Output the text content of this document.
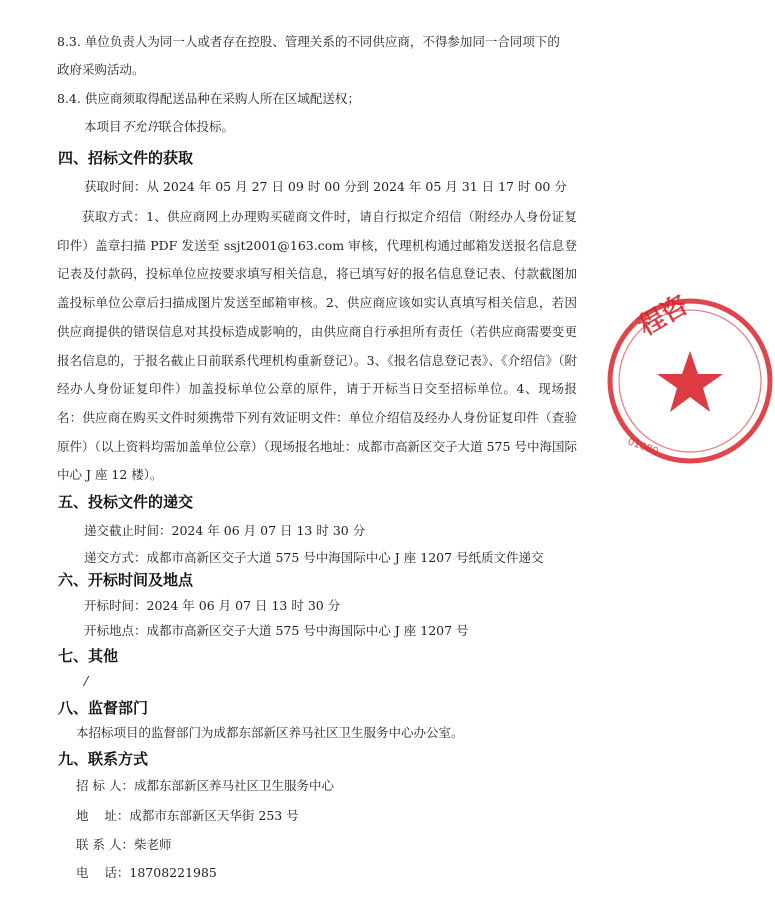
8.3. 单位负责人为同一人或者存在控股、管理关系的不同供应商，不得参加同一合同项下的
政府采购活动。
8.4. 供应商须取得配送品种在采购人所在区域配送权；
本项目不允许联合体投标。
四、招标文件的获取
获取时间：从 2024 年 05 月 27 日 09 时 00 分到 2024 年 05 月 31 日 17 时 00 分
获取方式：1、供应商网上办理购买磋商文件时，请自行拟定介绍信（附经办人身份证复印件）盖章扫描 PDF 发送至 ssjt2001@163.com 审核，代理机构通过邮箱发送报名信息登记表及付款码，投标单位应按要求填写相关信息，将已填写好的报名信息登记表、付款截图加盖投标单位公章后扫描成图片发送至邮箱审核。2、供应商应该如实认真填写相关信息，若因供应商提供的错误信息对其投标造成影响的，由供应商自行承担所有责任（若供应商需要变更报名信息的，于报名截止日前联系代理机构重新登记）。3、《报名信息登记表》、《介绍信》（附经办人身份证复印件）加盖投标单位公章的原件，请于开标当日交至招标单位。4、现场报名：供应商在购买文件时须携带下列有效证明文件：单位介绍信及经办人身份证复印件（查验原件）（以上资料均需加盖单位公章）（现场报名地址：成都市高新区交子大道 575 号中海国际中心 J 座 12 楼）。
五、投标文件的递交
递交截止时间：2024 年 06 月 07 日 13 时 30 分
递交方式：成都市高新区交子大道 575 号中海国际中心 J 座 1207 号纸质文件递交
六、开标时间及地点
开标时间：2024 年 06 月 07 日 13 时 30 分
开标地点：成都市高新区交子大道 575 号中海国际中心 J 座 1207 号
七、其他
/
八、监督部门
本招标项目的监督部门为成都东部新区养马社区卫生服务中心办公室。
九、联系方式
招 标 人：成都东部新区养马社区卫生服务中心
地    址：成都市东部新区天华街 253 号
联 系 人：柴老师
电    话：18708221985
程咨
01080
